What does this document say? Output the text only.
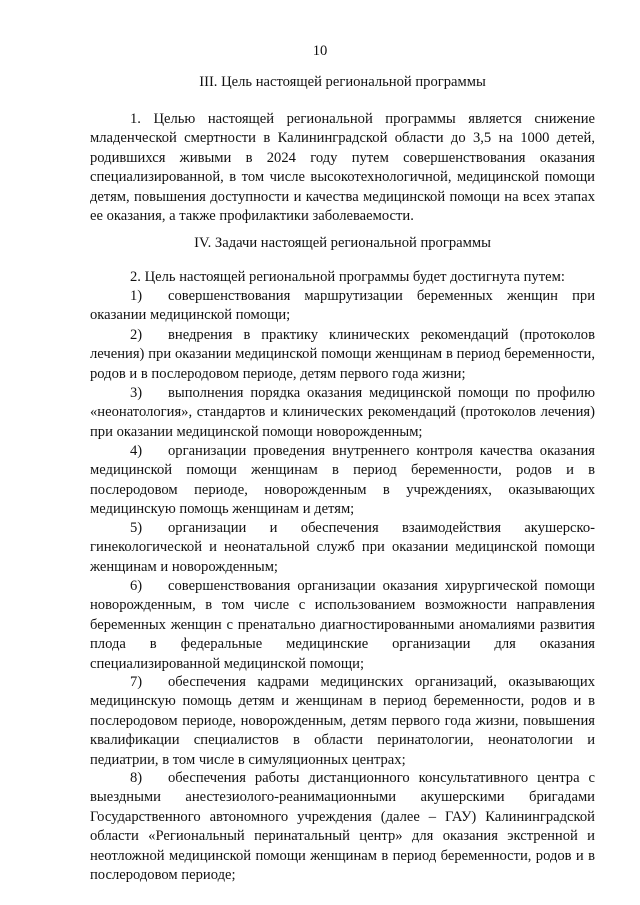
10
III. Цель настоящей региональной программы

1. Целью настоящей региональной программы является снижение младенческой смертности в Калининградской области до 3,5 на 1000 детей, родившихся живыми в 2024 году путем совершенствования оказания специализированной, в том числе высокотехнологичной, медицинской помощи детям, повышения доступности и качества медицинской помощи на всех этапах ее оказания, а также профилактики заболеваемости.

IV. Задачи настоящей региональной программы

2. Цель настоящей региональной программы будет достигнута путем:

1) совершенствования маршрутизации беременных женщин при оказании медицинской помощи;

2) внедрения в практику клинических рекомендаций (протоколов лечения) при оказании медицинской помощи женщинам в период беременности, родов и в послеродовом периоде, детям первого года жизни;

3) выполнения порядка оказания медицинской помощи по профилю «неонатология», стандартов и клинических рекомендаций (протоколов лечения) при оказании медицинской помощи новорожденным;

4) организации проведения внутреннего контроля качества оказания медицинской помощи женщинам в период беременности, родов и в послеродовом периоде, новорожденным в учреждениях, оказывающих медицинскую помощь женщинам и детям;

5) организации и обеспечения взаимодействия акушерско-гинекологической и неонатальной служб при оказании медицинской помощи женщинам и новорожденным;

6) совершенствования организации оказания хирургической помощи новорожденным, в том числе с использованием возможности направления беременных женщин с пренатально диагностированными аномалиями развития плода в федеральные медицинские организации для оказания специализированной медицинской помощи;

7) обеспечения кадрами медицинских организаций, оказывающих медицинскую помощь детям и женщинам в период беременности, родов и в послеродовом периоде, новорожденным, детям первого года жизни, повышения квалификации специалистов в области перинатологии, неонатологии и педиатрии, в том числе в симуляционных центрах;

8) обеспечения работы дистанционного консультативного центра с выездными анестезиолого-реанимационными акушерскими бригадами Государственного автономного учреждения (далее – ГАУ) Калининградской области «Региональный перинатальный центр» для оказания экстренной и неотложной медицинской помощи женщинам в период беременности, родов и в послеродовом периоде;
